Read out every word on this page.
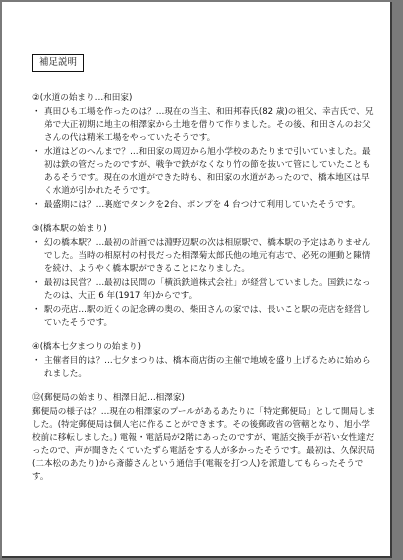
補足説明
②(水道の始まり…和田家)
・ 真田ひも工場を作ったのは？…現在の当主、和田邦春氏(82 歳)の祖父、幸吉氏で、兄弟で大正初期に地主の相澤家から土地を借りて作りました。その後、和田さんのお父さんの代は精米工場をやっていたそうです。
・ 水道はどのへんまで？…和田家の周辺から旭小学校のあたりまで引いていました。最初は鉄の管だったのですが、戦争で鉄がなくなり竹の節を抜いて管にしていたこともあるそうです。現在の水道ができた時も、和田家の水道があったので、橋本地区は早く水道が引かれたそうです。
・ 最盛期には？…裏庭でタンクを2台、ポンプを 4 台つけて利用していたそうです。
③(橋本駅の始まり)
・ 幻の橋本駅？…最初の計画では淵野辺駅の次は相原駅で、橋本駅の予定はありませんでした。当時の相原村の村長だった相澤菊太郎氏他の地元有志で、必死の運動と陳情を続け、ようやく橋本駅ができることになりました。
・ 最初は民営？…最初は民間の「横浜鉄道株式会社」が経営していました。国鉄になったのは、大正 6 年(1917 年)からです。
・ 駅の売店…駅の近くの記念碑の奥の、柴田さんの家では、長いこと駅の売店を経営していたそうです。
④(橋本七夕まつりの始まり)
・ 主催者目的は？…七夕まつりは、橋本商店街の主催で地域を盛り上げるために始められました。
⑫(郵便局の始まり、相澤日記…相澤家)

郵便局の様子は？…現在の相澤家のプールがあるあたりに「特定郵便局」として開局しました。(特定郵便局は個人宅に作ることができます。その後郵政省の管轄となり、旭小学校前に移転しました。) 電報・電話局が2階にあったのですが、電話交換手が若い女性達だったので、声が聞きたくていたずら電話をする人が多かったそうです。最初は、久保沢局(二本松のあたり)から斎藤さんという通信手(電報を打つ人)を派遣してもらったそうです。
